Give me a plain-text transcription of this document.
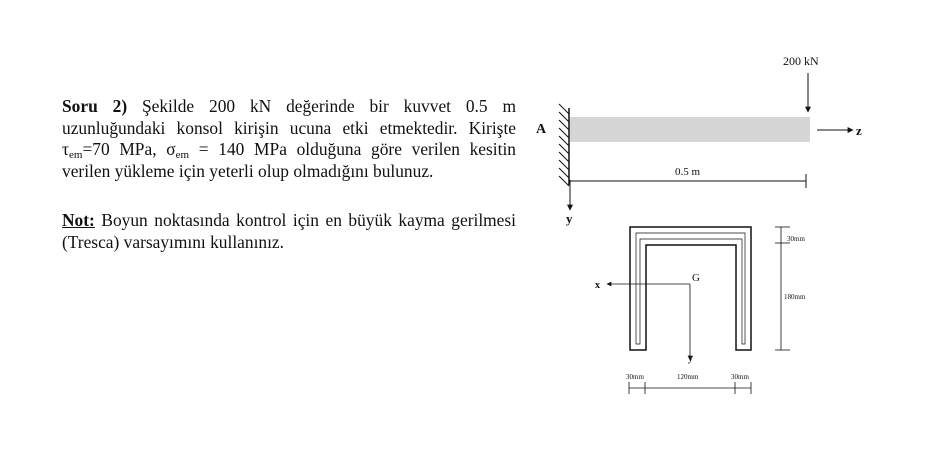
Soru 2) Şekilde 200 kN değerinde bir kuvvet 0.5 m uzunluğundaki konsol kirişin ucuna etki etmektedir. Kirişte $\tau_{em}=70$ MPa, $\sigma_{em} = 140$ MPa olduğuna göre verilen kesitin verilen yükleme için yeterli olup olmadığını bulunuz.

Not: Boyun noktasında kontrol için en büyük kayma gerilmesi (Tresca) varsayımını kullanınız.

A
200 kN
z
y
0.5 m
G
x
y
30mm
180mm
30mm	120mm	30mm
